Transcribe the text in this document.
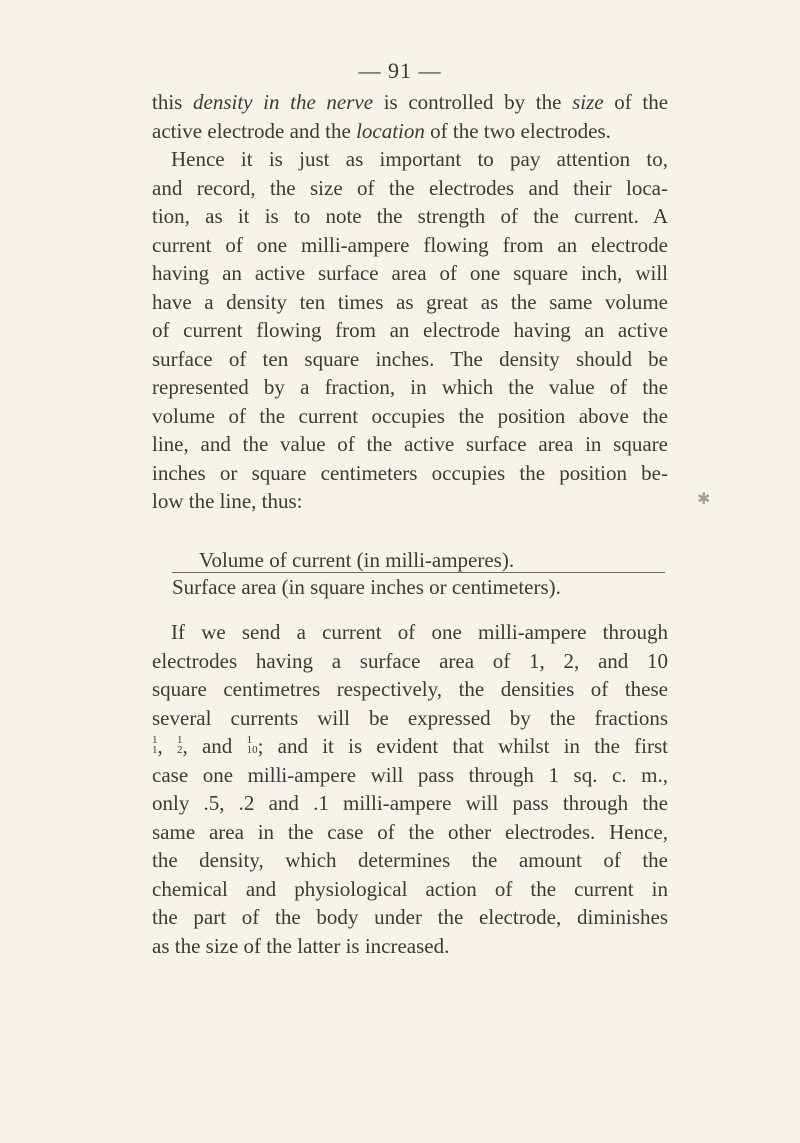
— 91 —
✱
this density in the nerve is controlled by the size of the
active electrode and the location of the two electrodes.
Hence it is just as important to pay attention to,
and record, the size of the electrodes and their loca-
tion, as it is to note the strength of the current. A
current of one milli-ampere flowing from an electrode
having an active surface area of one square inch, will
have a density ten times as great as the same volume
of current flowing from an electrode having an active
surface of ten square inches. The density should be
represented by a fraction, in which the value of the
volume of the current occupies the position above the
line, and the value of the active surface area in square
inches or square centimeters occupies the position be-
low the line, thus:
Volume of current (in milli-amperes).
Surface area (in square inches or centimeters).
If we send a current of one milli-ampere through
electrodes having a surface area of 1, 2, and 10
square centimetres respectively, the densities of these
several currents will be expressed by the fractions
1
1 , 1
2 , and 1
10 ; and it is evident that whilst in the first
case one milli-ampere will pass through 1 sq. c. m.,
only .5, .2 and .1 milli-ampere will pass through the
same area in the case of the other electrodes. Hence,
the density, which determines the amount of the
chemical and physiological action of the current in
the part of the body under the electrode, diminishes
as the size of the latter is increased.
